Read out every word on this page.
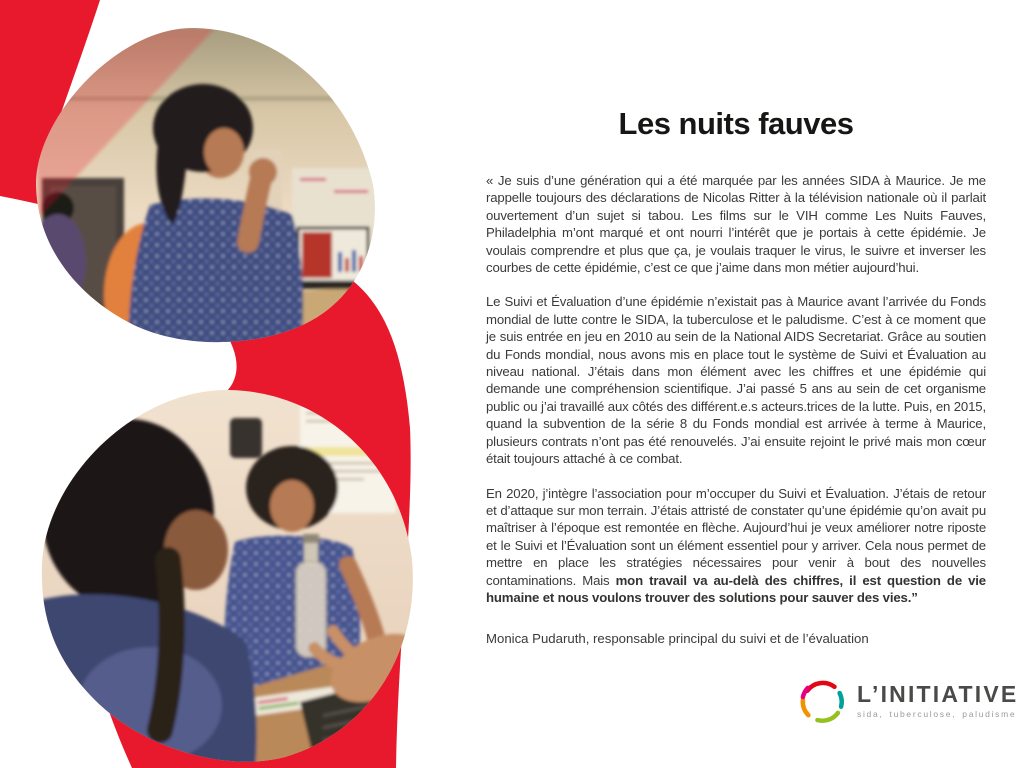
Les nuits fauves

« Je suis d’une génération qui a été marquée par les années SIDA à Maurice. Je me rappelle toujours des déclarations de Nicolas Ritter à la télévision nationale où il parlait ouvertement d’un sujet si tabou. Les films sur le VIH comme Les Nuits Fauves, Philadelphia m’ont marqué et ont nourri l’intérêt que je portais à cette épidémie. Je voulais comprendre et plus que ça, je voulais traquer le virus, le suivre et inverser les courbes de cette épidémie, c’est ce que j’aime dans mon métier aujourd’hui.

Le Suivi et Évaluation d’une épidémie n’existait pas à Maurice avant l’arrivée du Fonds mondial de lutte contre le SIDA, la tuberculose et le paludisme. C’est à ce moment que je suis entrée en jeu en 2010 au sein de la National AIDS Secretariat. Grâce au soutien du Fonds mondial, nous avons mis en place tout le système de Suivi et Évaluation au niveau national. J’étais dans mon élément avec les chiffres et une épidémie qui demande une compréhension scientifique. J’ai passé 5 ans au sein de cet organisme public ou j’ai travaillé aux côtés des différent.e.s acteurs.trices de la lutte. Puis, en 2015, quand la subvention de la série 8 du Fonds mondial est arrivée à terme à Maurice, plusieurs contrats n’ont pas été renouvelés. J’ai ensuite rejoint le privé mais mon cœur était toujours attaché à ce combat.

En 2020, j’intègre l’association pour m’occuper du Suivi et Évaluation. J’étais de retour et d’attaque sur mon terrain. J’étais attristé de constater qu’une épidémie qu’on avait pu maîtriser à l’époque est remontée en flèche. Aujourd’hui je veux améliorer notre riposte et le Suivi et l’Évaluation sont un élément essentiel pour y arriver. Cela nous permet de mettre en place les stratégies nécessaires pour venir à bout des nouvelles contaminations. Mais mon travail va au-delà des chiffres, il est question de vie humaine et nous voulons trouver des solutions pour sauver des vies.”

Monica Pudaruth, responsable principal du suivi et de l’évaluation
L’INITIATIVE
sida, tuberculose, paludisme
